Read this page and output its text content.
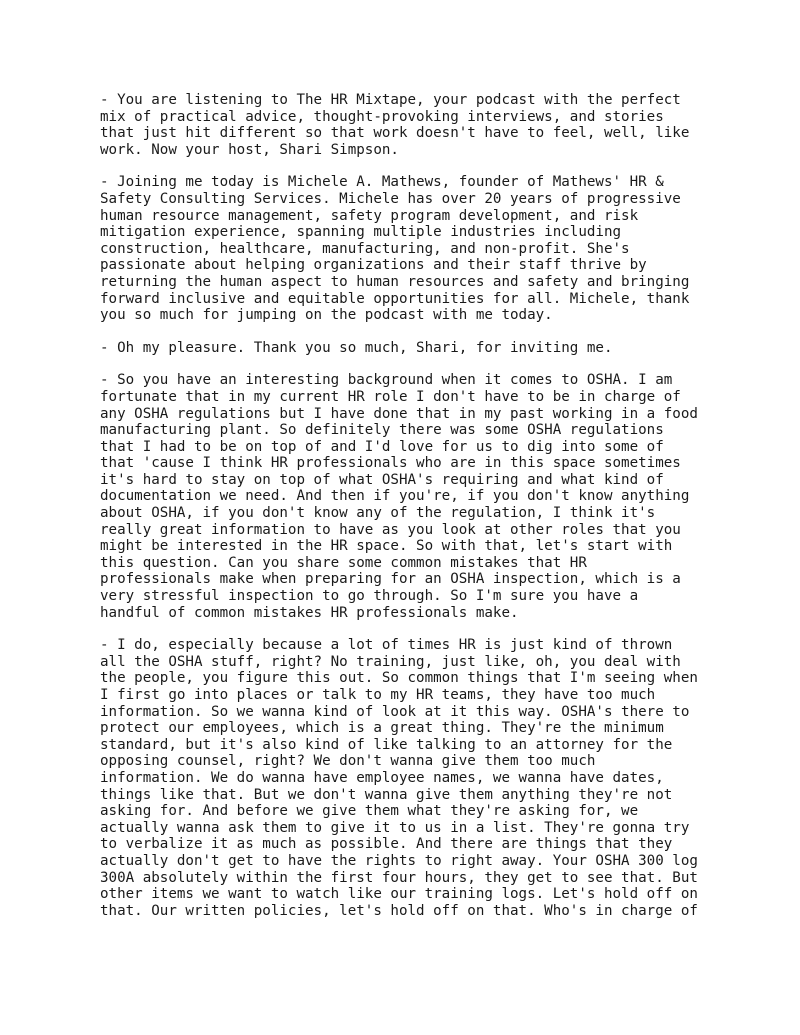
- You are listening to The HR Mixtape, your podcast with the perfect
mix of practical advice, thought-provoking interviews, and stories
that just hit different so that work doesn't have to feel, well, like
work. Now your host, Shari Simpson.

- Joining me today is Michele A. Mathews, founder of Mathews' HR &
Safety Consulting Services. Michele has over 20 years of progressive
human resource management, safety program development, and risk
mitigation experience, spanning multiple industries including
construction, healthcare, manufacturing, and non-profit. She's
passionate about helping organizations and their staff thrive by
returning the human aspect to human resources and safety and bringing
forward inclusive and equitable opportunities for all. Michele, thank
you so much for jumping on the podcast with me today.

- Oh my pleasure. Thank you so much, Shari, for inviting me.

- So you have an interesting background when it comes to OSHA. I am
fortunate that in my current HR role I don't have to be in charge of
any OSHA regulations but I have done that in my past working in a food
manufacturing plant. So definitely there was some OSHA regulations
that I had to be on top of and I'd love for us to dig into some of
that 'cause I think HR professionals who are in this space sometimes
it's hard to stay on top of what OSHA's requiring and what kind of
documentation we need. And then if you're, if you don't know anything
about OSHA, if you don't know any of the regulation, I think it's
really great information to have as you look at other roles that you
might be interested in the HR space. So with that, let's start with
this question. Can you share some common mistakes that HR
professionals make when preparing for an OSHA inspection, which is a
very stressful inspection to go through. So I'm sure you have a
handful of common mistakes HR professionals make.

- I do, especially because a lot of times HR is just kind of thrown
all the OSHA stuff, right? No training, just like, oh, you deal with
the people, you figure this out. So common things that I'm seeing when
I first go into places or talk to my HR teams, they have too much
information. So we wanna kind of look at it this way. OSHA's there to
protect our employees, which is a great thing. They're the minimum
standard, but it's also kind of like talking to an attorney for the
opposing counsel, right? We don't wanna give them too much
information. We do wanna have employee names, we wanna have dates,
things like that. But we don't wanna give them anything they're not
asking for. And before we give them what they're asking for, we
actually wanna ask them to give it to us in a list. They're gonna try
to verbalize it as much as possible. And there are things that they
actually don't get to have the rights to right away. Your OSHA 300 log
300A absolutely within the first four hours, they get to see that. But
other items we want to watch like our training logs. Let's hold off on
that. Our written policies, let's hold off on that. Who's in charge of
